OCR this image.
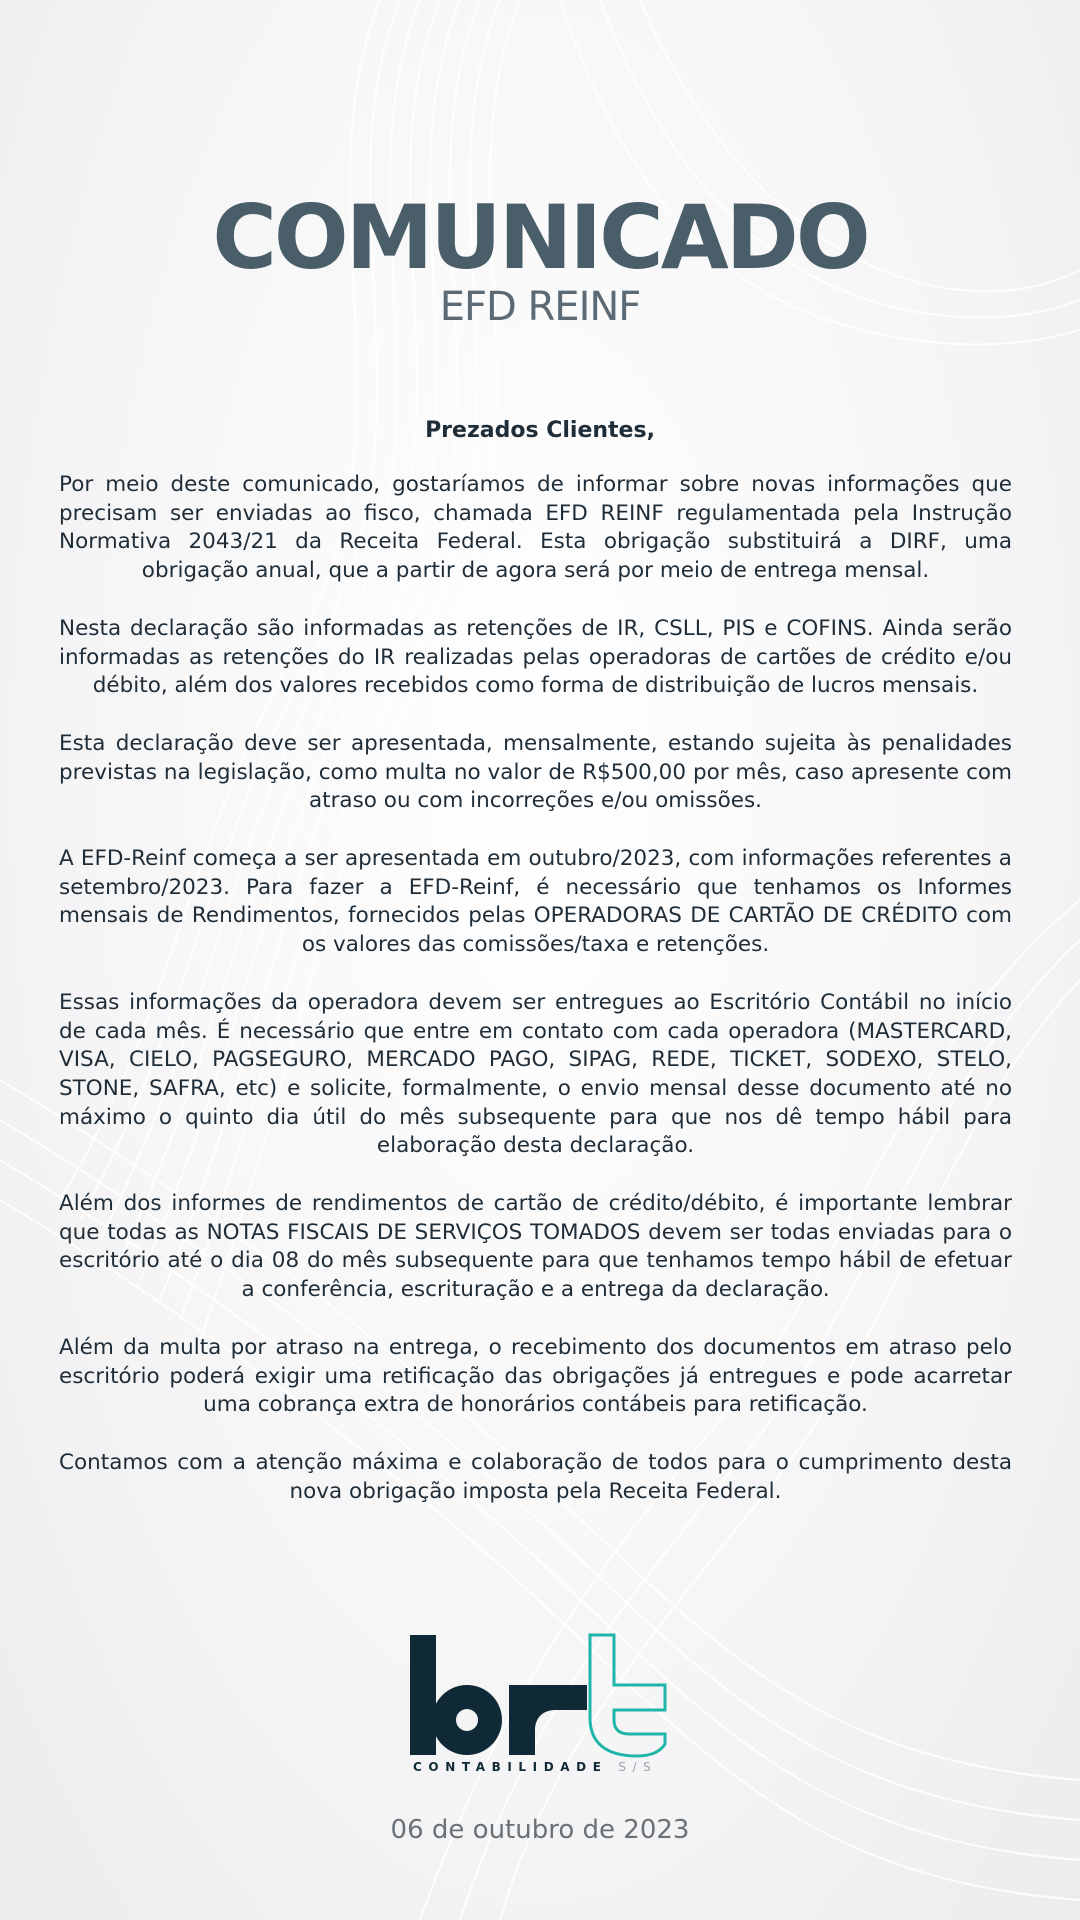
COMUNICADO
EFD REINF
Prezados Clientes,

Por meio deste comunicado, gostaríamos de informar sobre novas informações que precisam ser enviadas ao fisco, chamada EFD REINF regulamentada pela Instrução Normativa 2043/21 da Receita Federal. Esta obrigação substituirá a DIRF, uma obrigação anual, que a partir de agora será por meio de entrega mensal.

Nesta declaração são informadas as retenções de IR, CSLL, PIS e COFINS. Ainda serão informadas as retenções do IR realizadas pelas operadoras de cartões de crédito e/ou débito, além dos valores recebidos como forma de distribuição de lucros mensais.

Esta declaração deve ser apresentada, mensalmente, estando sujeita às penalidades previstas na legislação, como multa no valor de R$500,00 por mês, caso apresente com atraso ou com incorreções e/ou omissões.

A EFD-Reinf começa a ser apresentada em outubro/2023, com informações referentes a setembro/2023. Para fazer a EFD-Reinf, é necessário que tenhamos os Informes mensais de Rendimentos, fornecidos pelas OPERADORAS DE CARTÃO DE CRÉDITO com os valores das comissões/taxa e retenções.

Essas informações da operadora devem ser entregues ao Escritório Contábil no início de cada mês. É necessário que entre em contato com cada operadora (MASTERCARD, VISA, CIELO, PAGSEGURO, MERCADO PAGO, SIPAG, REDE, TICKET, SODEXO, STELO, STONE, SAFRA, etc) e solicite, formalmente, o envio mensal desse documento até no máximo o quinto dia útil do mês subsequente para que nos dê tempo hábil para elaboração desta declaração.

Além dos informes de rendimentos de cartão de crédito/débito, é importante lembrar que todas as NOTAS FISCAIS DE SERVIÇOS TOMADOS devem ser todas enviadas para o escritório até o dia 08 do mês subsequente para que tenhamos tempo hábil de efetuar a conferência, escrituração e a entrega da declaração.

Além da multa por atraso na entrega, o recebimento dos documentos em atraso pelo escritório poderá exigir uma retificação das obrigações já entregues e pode acarretar uma cobrança extra de honorários contábeis para retificação.

Contamos com a atenção máxima e colaboração de todos para o cumprimento desta nova obrigação imposta pela Receita Federal.

CONTABILIDADE S/S
06 de outubro de 2023
